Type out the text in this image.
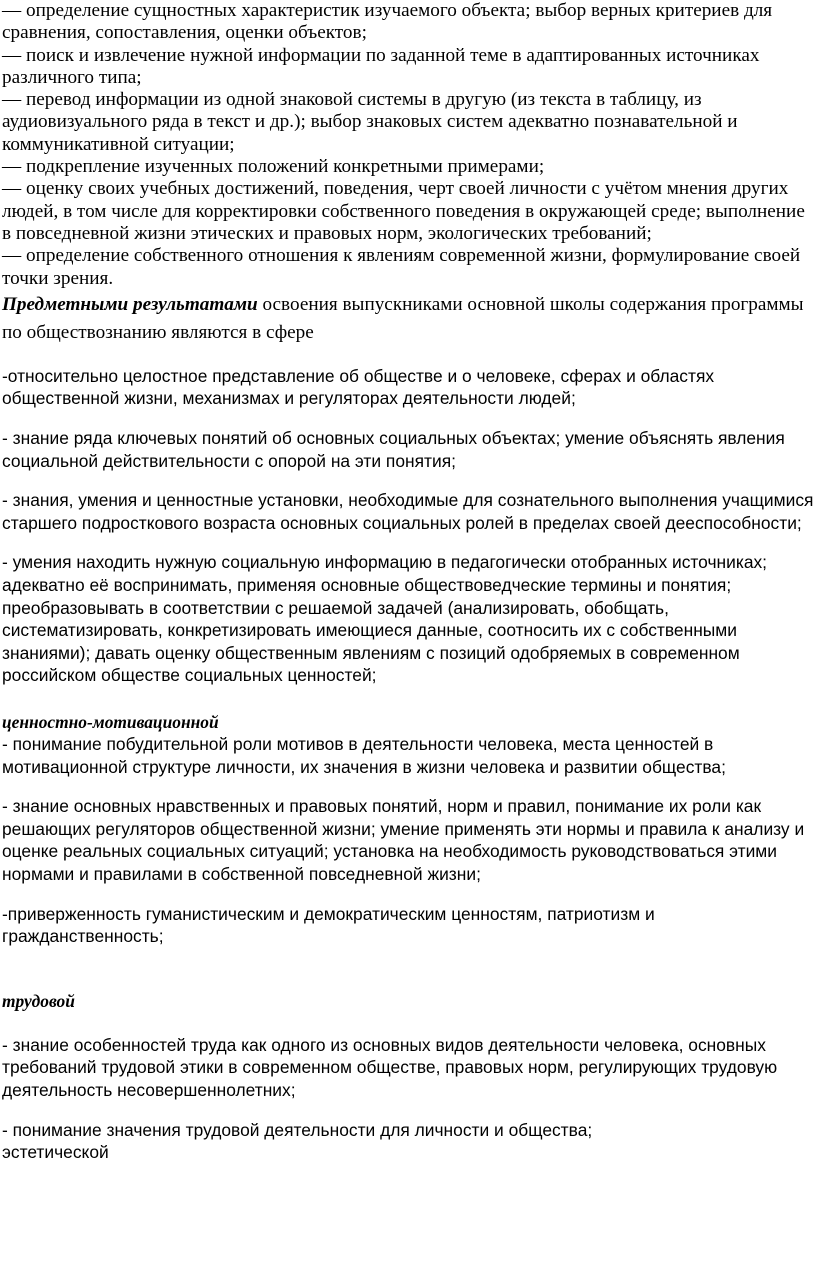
— определение сущностных характеристик изучаемого объекта; выбор верных критериев для сравнения, сопоставления, оценки объектов;
— поиск и извлечение нужной информации по заданной теме в адаптированных источниках различного типа;
— перевод информации из одной знаковой системы в другую (из текста в таблицу, из аудиовизуального ряда в текст и др.); выбор знаковых систем адекватно познавательной и коммуникативной ситуации;
— подкрепление изученных положений конкретными примерами;
— оценку своих учебных достижений, поведения, черт своей личности с учётом мнения других людей, в том числе для корректировки собственного поведения в окружающей среде; выполнение в повседневной жизни этических и правовых норм, экологических требований;
— определение собственного отношения к явлениям современной жизни, формулирование своей точки зрения.

Предметными результатами освоения выпускниками основной школы содержания программы по обществознанию являются в сфере

-относительно целостное представление об обществе и о человеке, сферах и областях общественной жизни, механизмах и регуляторах деятельности людей;

- знание ряда ключевых понятий об основных социальных объектах; умение объяснять явления социальной действительности с опорой на эти понятия;

- знания, умения и ценностные установки, необходимые для сознательного выполнения учащимися старшего подросткового возраста основных социальных ролей в пределах своей дееспособности;

- умения находить нужную социальную информацию в педагогически отобранных источниках; адекватно её воспринимать, применяя основные обществоведческие термины и понятия; преобразовывать в соответствии с решаемой задачей (анализировать, обобщать, систематизировать, конкретизировать имеющиеся данные, соотносить их с собственными знаниями); давать оценку общественным явлениям с позиций одобряемых в современном российском обществе социальных ценностей;

ценностно-мотивационной

- понимание побудительной роли мотивов в деятельности человека, места ценностей в мотивационной структуре личности, их значения в жизни человека и развитии общества;

- знание основных нравственных и правовых понятий, норм и правил, понимание их роли как решающих регуляторов общественной жизни; умение применять эти нормы и правила к анализу и оценке реальных социальных ситуаций; установка на необходимость руководствоваться этими нормами и правилами в собственной повседневной жизни;

-приверженность гуманистическим и демократическим ценностям, патриотизм и гражданственность;

трудовой

- знание особенностей труда как одного из основных видов деятельности человека, основных требований трудовой этики в современном обществе, правовых норм, регулирующих трудовую деятельность несовершеннолетних;

- понимание значения трудовой деятельности для личности и общества;

эстетической
